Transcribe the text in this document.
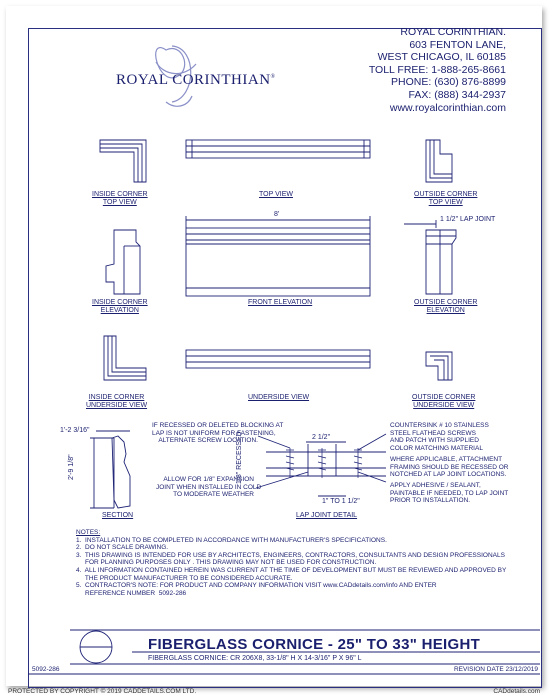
ROYAL CORINTHIAN®
ROYAL CORINTHIAN.
603 FENTON LANE,
WEST CHICAGO, IL 60185
TOLL FREE: 1-888-265-8661
PHONE: (630) 876-8899
FAX: (888) 344-2937
www.royalcorinthian.com
INSIDE CORNER
TOP VIEW
TOP VIEW	OUTSIDE CORNER
TOP VIEW
8'
1 1/2" LAP JOINT
INSIDE CORNER
ELEVATION
FRONT ELEVATION	OUTSIDE CORNER
ELEVATION
INSIDE CORNER
UNDERSIDE VIEW
UNDERSIDE VIEW	OUTSIDE CORNER
UNDERSIDE VIEW
1'-2 3/16"
2'-9 1/8"
SECTION
2 1/2"
1/8" RECESSED
1" TO 1 1/2"
LAP JOINT DETAIL
IF RECESSED OR DELETED BLOCKING AT
LAP IS NOT UNIFORM FOR FASTENING,
ALTERNATE SCREW LOCATION.
ALLOW FOR 1/8" EXPANSION
JOINT WHEN INSTALLED IN COLD
TO MODERATE WEATHER
COUNTERSINK # 10 STAINLESS
STEEL FLATHEAD SCREWS
AND PATCH WITH SUPPLIED
COLOR MATCHING MATERIAL
WHERE APPLICABLE, ATTACHMENT
FRAMING SHOULD BE RECESSED OR
NOTCHED AT LAP JOINT LOCATIONS.
APPLY ADHESIVE / SEALANT,
PAINTABLE IF NEEDED, TO LAP JOINT
PRIOR TO INSTALLATION.
NOTES:
1.  INSTALLATION TO BE COMPLETED IN ACCORDANCE WITH MANUFACTURER'S SPECIFICATIONS.
2.  DO NOT SCALE DRAWING.
3.  THIS DRAWING IS INTENDED FOR USE BY ARCHITECTS, ENGINEERS, CONTRACTORS, CONSULTANTS AND DESIGN PROFESSIONALS
FOR PLANNING PURPOSES ONLY . THIS DRAWING MAY NOT BE USED FOR CONSTRUCTION.
4.  ALL INFORMATION CONTAINED HEREIN WAS CURRENT AT THE TIME OF DEVELOPMENT BUT MUST BE REVIEWED AND APPROVED BY
THE PRODUCT MANUFACTURER TO BE CONSIDERED ACCURATE.
5.  CONTRACTOR'S NOTE: FOR PRODUCT AND COMPANY INFORMATION VISIT www.CADdetails.com/info AND ENTER
REFERENCE NUMBER  5092-286
FIBERGLASS CORNICE - 25" TO 33" HEIGHT
FIBERGLASS CORNICE: CR 206X8, 33-1/8" H X 14-3/16" P X 96" L
5092-286	REVISION DATE 23/12/2019
PROTECTED BY COPYRIGHT © 2019 CADDETAILS.COM LTD.	CADdetails.com
